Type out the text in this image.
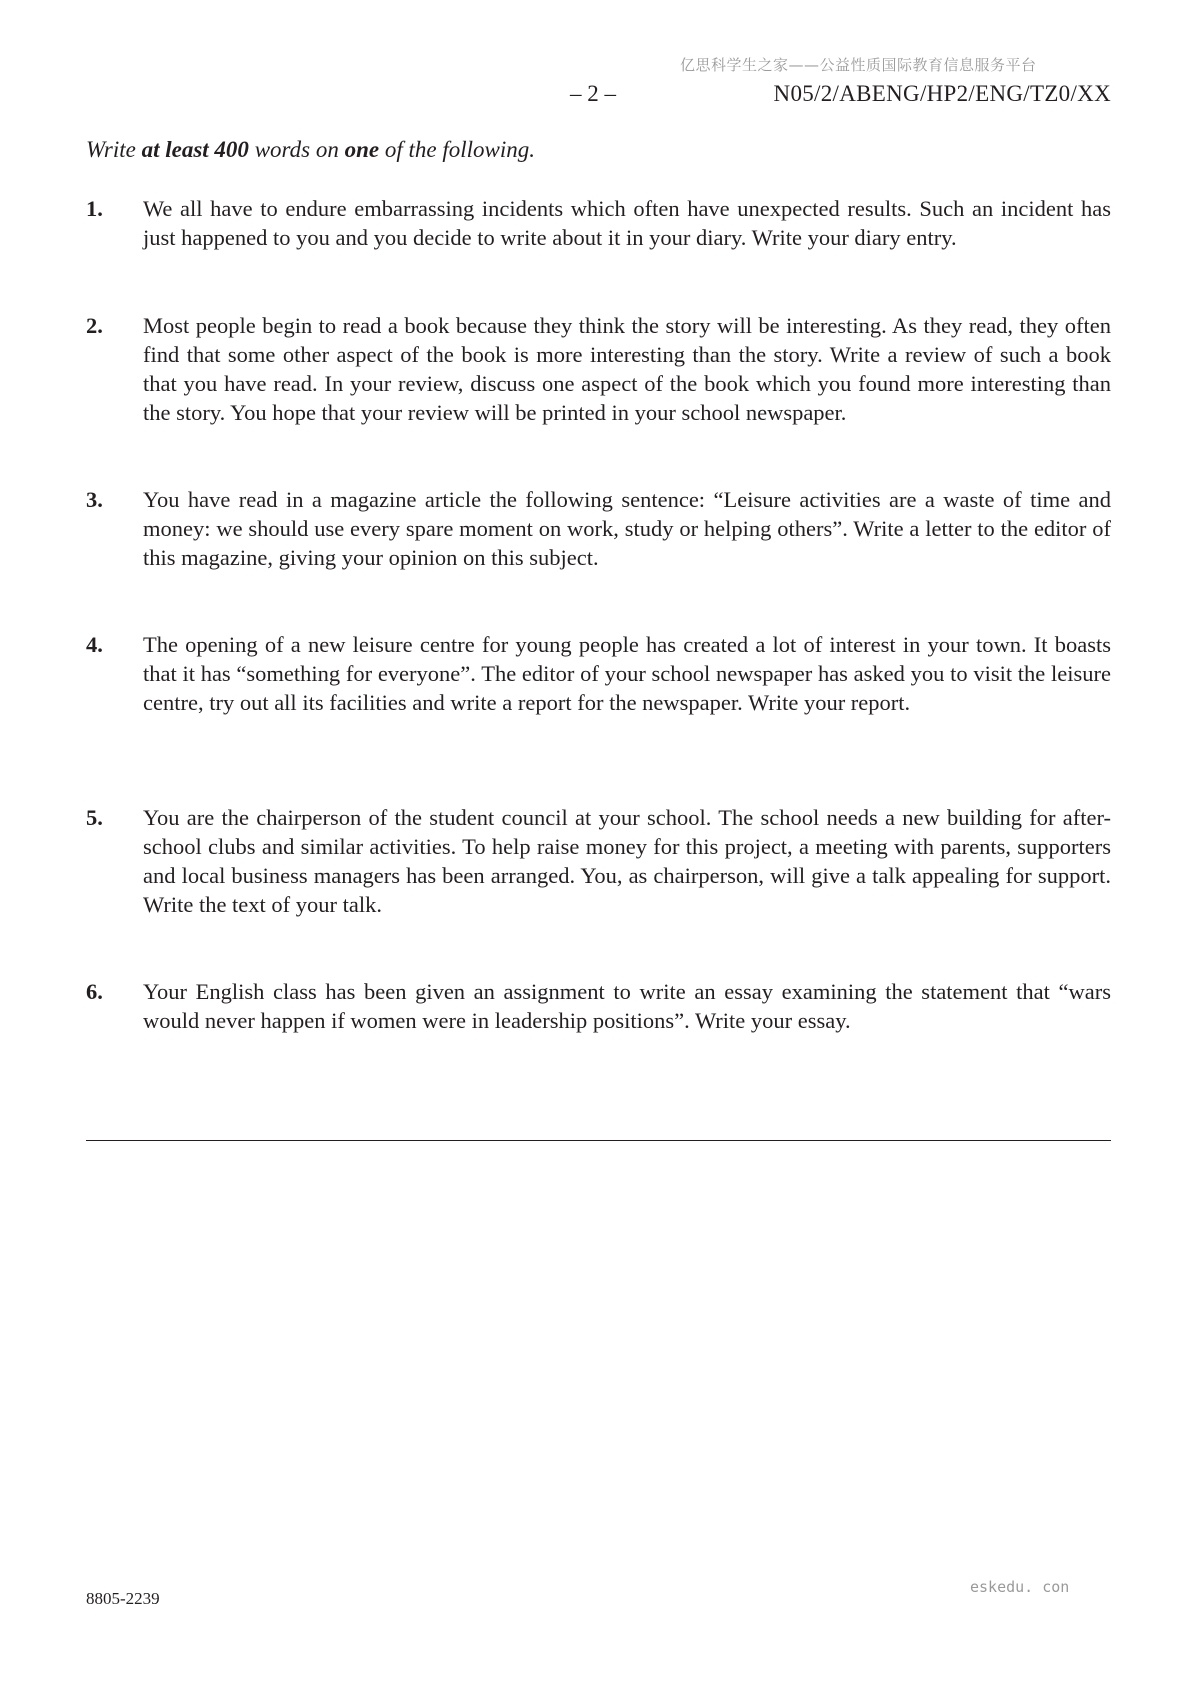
亿思科学生之家——公益性质国际教育信息服务平台
– 2 –	N05/2/ABENG/HP2/ENG/TZ0/XX
Write at least 400 words on one of the following.
1. We all have to endure embarrassing incidents which often have unexpected results. Such an incident has just happened to you and you decide to write about it in your diary. Write your diary entry.
2. Most people begin to read a book because they think the story will be interesting. As they read, they often find that some other aspect of the book is more interesting than the story. Write a review of such a book that you have read. In your review, discuss one aspect of the book which you found more interesting than the story. You hope that your review will be printed in your school newspaper.
3. You have read in a magazine article the following sentence: “Leisure activities are a waste of time and money: we should use every spare moment on work, study or helping others”. Write a letter to the editor of this magazine, giving your opinion on this subject.
4. The opening of a new leisure centre for young people has created a lot of interest in your town. It boasts that it has “something for everyone”. The editor of your school newspaper has asked you to visit the leisure centre, try out all its facilities and write a report for the newspaper. Write your report.
5. You are the chairperson of the student council at your school. The school needs a new building for after-school clubs and similar activities. To help raise money for this project, a meeting with parents, supporters and local business managers has been arranged. You, as chairperson, will give a talk appealing for support. Write the text of your talk.
6. Your English class has been given an assignment to write an essay examining the statement that “wars would never happen if women were in leadership positions”. Write your essay.
8805-2239
eskedu. con
